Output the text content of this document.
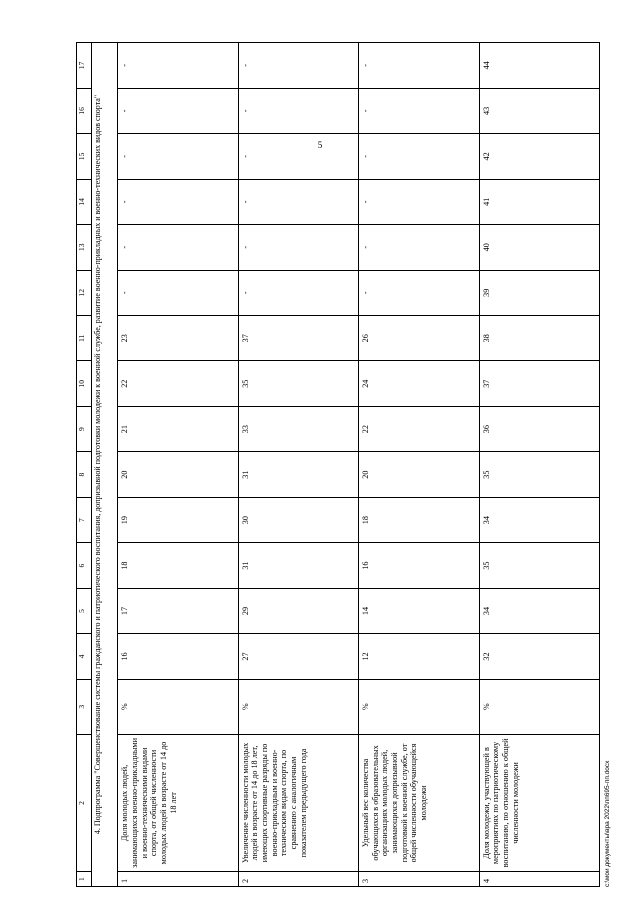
5
1	2	3	4	5	6	7	8	9	10	11	12	13	14	15	16	17
4. Подпрограмма "Совершенствование системы гражданского и патриотического воспитания, допризывной подготовки молодежи к военной службе, развитие военно-прикладных и военно-технических видов спорта"																
1	Доля молодых людей, занимающихся военно-прикладными и военно-техническими видами спорта, от общей численности молодых людей в возрасте от 14 до 18 лет	%	16	17	18	19	20	21	22	23	-	-	-	-	-	-
2	Увеличение численности молодых людей в возрасте от 14 до 18 лет, имеющих спортивные разряды по военно-прикладным и военно-техническим видам спорта, по сравнению с аналогичным показателем предыдущего года	%	27	29	31	30	31	33	35	37	-	-	-	-	-	-
3	Удельный вес количества обучающихся в образовательных организациях молодых людей, занимающихся допризывной подготовкой к военной службе, от общей численности обучающейся молодежи	%	12	14	16	18	20	22	24	26	-	-	-	-	-	-
4	Доля молодежи, участвующей в мероприятиях по патриотическому воспитанию, по отношению к общей численности молодежи	%	32	34	35	34	35	36	37	38	39	40	41	42	43	44
c:\мои документы\вра 2022\пп695-пп.docx
